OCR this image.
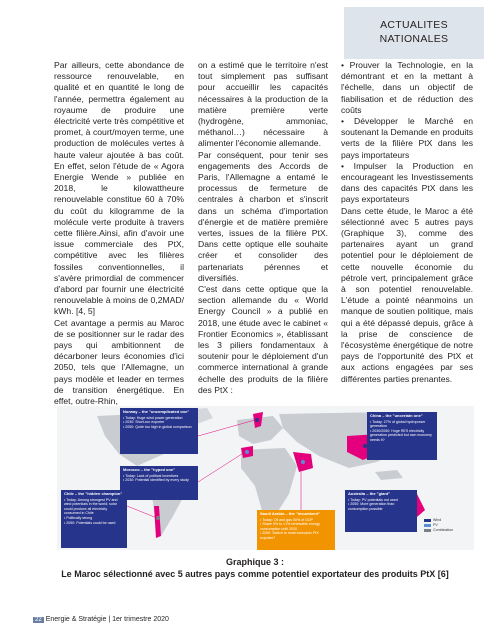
ACTUALITES
NATIONALES

Par ailleurs, cette abondance de ressource renouvelable, en qualité et en quantité le long de l'année, permettra également au royaume de produire une électricité verte très compétitive et promet, à court/moyen terme, une production de molécules vertes à haute valeur ajoutée à bas coût. En effet, selon l'étude de « Agora Energie Wende » publiée en 2018, le kilowattheure renouvelable constitue 60 à 70% du coût du kilogramme de la molécule verte produite à travers cette filière.Ainsi, afin d'avoir une issue commerciale des PtX, compétitive avec les filières fossiles conventionnelles, il s'avère primordial de commencer d'abord par fournir une électricité renouvelable à moins de 0,2MAD/ kWh. [4, 5]

Cet avantage a permis au Maroc de se positionner sur le radar des pays qui ambitionnent de décarboner leurs économies d'ici 2050, tels que l'Allemagne, un pays modèle et leader en termes de transition énergétique. En effet, outre-Rhin,

on a estimé que le territoire n'est tout simplement pas suffisant pour accueillir les capacités nécessaires à la production de la matière première verte (hydrogène, ammoniac, méthanol…) nécessaire à alimenter l'économie allemande.

Par conséquent, pour tenir ses engagements des Accords de Paris, l'Allemagne a entamé le processus de fermeture de centrales à charbon et s'inscrit dans un schéma d'importation d'énergie et de matière première vertes, issues de la filière PtX. Dans cette optique elle souhaite créer et consolider des partenariats pérennes et diversifiés.

C'est dans cette optique que la section allemande du « World Energy Council » a publié en 2018, une étude avec le cabinet « Frontier Economics », établissant les 3 piliers fondamentaux à soutenir pour le déploiement d'un commerce international à grande échelle des produits de la filière des PtX :

• Prouver la Technologie, en la démontrant et en la mettant à l'échelle, dans un objectif de fiabilisation et de réduction des coûts

• Développer le Marché en soutenant la Demande en produits verts de la filière PtX dans les pays importateurs

• Impulser la Production en encourageant les Investissements dans des capacités PtX dans les pays exportateurs

Dans cette étude, le Maroc a été sélectionné avec 5 autres pays (Graphique 3), comme des partenaires ayant un grand potentiel pour le déploiement de cette nouvelle économie du pétrole vert, principalement grâce à son potentiel renouvelable. L'étude a pointé néanmoins un manque de soutien politique, mais qui a été dépassé depuis, grâce à la prise de conscience de l'écosystème énergétique de notre pays de l'opportunité des PtX et aux actions engagées par ses différentes parties prenantes.

Norway – the "uncomplicated one"
• Today: Huge wind power generation
• 2030: Short-run exporter
• 2050: Quite too high in global comparison
Morocco – the "hyped one"
• Today: Lack of political incentives
• 2030: Potential identified by every study
Chile – the "hidden champion"
• Today: Among strongest PV and wind potentials in the world; solar could produce all electricity consumed in Chile
• Politically strong
• 2050: Potentials could be used
China – the "uncertain one"
• Today: 27% of global hydropower generation
• 2030/2050: Huge RES electricity generation predicted but own economy needs it?
Saudi Arabia – the "incumbent"
• Today: Oil and gas 50% of GDP
• Share 0% to <1% renewable energy consumption until 2020
• 2050: Switch to most economic PtX exporter?
Australia – the "giant"
• Today: PV potentials not used
• 2050: More generation than consumption possible
Wind
PV
Combination
Graphique 3 :
Le Maroc sélectionné avec 5 autres pays comme potentiel exportateur des produits PtX [6]
22 Energie & Stratégie | 1er trimestre 2020
